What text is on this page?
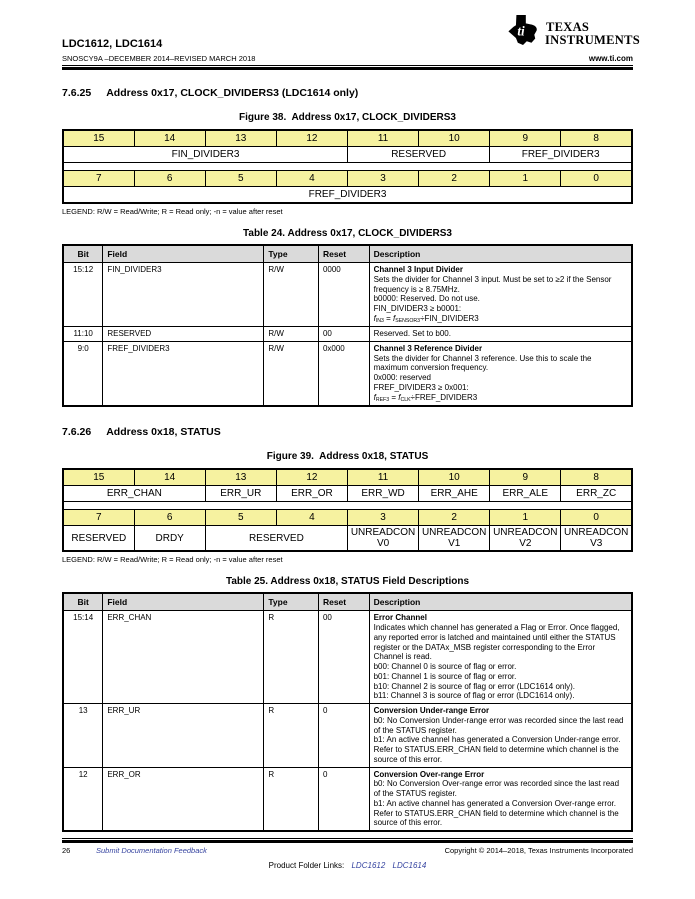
ti TEXAS
INSTRUMENTS
LDC1612, LDC1614
SNOSCY9A –DECEMBER 2014–REVISED MARCH 2018	www.ti.com
7.6.25 Address 0x17, CLOCK_DIVIDERS3 (LDC1614 only)
Figure 38.  Address 0x17, CLOCK_DIVIDERS3
15	14	13	12	11	10	9	8
FIN_DIVIDER3				RESERVED		FREF_DIVIDER3	

7	6	5	4	3	2	1	0
FREF_DIVIDER3							
LEGEND: R/W = Read/Write; R = Read only; -n = value after reset
Table 24. Address 0x17, CLOCK_DIVIDERS3
Bit	Field	Type	Reset	Description
15:12	FIN_DIVIDER3	R/W	0000	Channel 3 Input Divider
Sets the divider for Channel 3 input. Must be set to ≥2 if the Sensor frequency is ≥ 8.75MHz.
b0000: Reserved. Do not use.
FIN_DIVIDER3 ≥ b0001:
fIN3 = fSENSOR3÷FIN_DIVIDER3

11:10	RESERVED	R/W	00	Reserved. Set to b00.

9:0	FREF_DIVIDER3	R/W	0x000	Channel 3 Reference Divider
Sets the divider for Channel 3 reference. Use this to scale the maximum conversion frequency.
0x000: reserved
FREF_DIVIDER3 ≥ 0x001:
fREF3 = fCLK÷FREF_DIVIDER3
7.6.26 Address 0x18, STATUS
Figure 39.  Address 0x18, STATUS
15	14	13	12	11	10	9	8
ERR_CHAN		ERR_UR	ERR_OR	ERR_WD	ERR_AHE	ERR_ALE	ERR_ZC

7	6	5	4	3	2	1	0
RESERVED	DRDY	RESERVED		UNREADCONV0	UNREADCONV1	UNREADCONV2	UNREADCONV3
LEGEND: R/W = Read/Write; R = Read only; -n = value after reset
Table 25. Address 0x18, STATUS Field Descriptions
Bit	Field	Type	Reset	Description
15:14	ERR_CHAN	R	00	Error Channel
Indicates which channel has generated a Flag or Error. Once flagged, any reported error is latched and maintained until either the STATUS register or the DATAx_MSB register corresponding to the Error Channel is read.
b00: Channel 0 is source of flag or error.
b01: Channel 1 is source of flag or error.
b10: Channel 2 is source of flag or error (LDC1614 only).
b11: Channel 3 is source of flag or error (LDC1614 only).

13	ERR_UR	R	0	Conversion Under-range Error
b0: No Conversion Under-range error was recorded since the last read of the STATUS register.
b1: An active channel has generated a Conversion Under-range error. Refer to STATUS.ERR_CHAN field to determine which channel is the source of this error.

12	ERR_OR	R	0	Conversion Over-range Error
b0: No Conversion Over-range error was recorded since the last read of the STATUS register.
b1: An active channel has generated a Conversion Over-range error. Refer to STATUS.ERR_CHAN field to determine which channel is the source of this error.
26	Submit Documentation Feedback	Copyright © 2014–2018, Texas Instruments Incorporated
Product Folder Links: LDC1612 LDC1614
